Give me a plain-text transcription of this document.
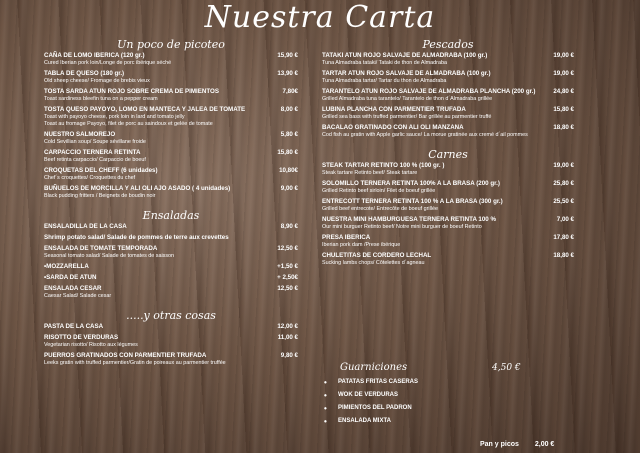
Nuestra Carta
Un poco de picoteo
CAÑA DE LOMO IBERICA (120 gr.)	15,90 €
Cured Iberian pork loin/Longe de porc ibérique séché
TABLA DE QUESO (180 gr.)	13,90 €
Old sheep cheese/ Fromage de brebis vieux
TOSTA SARDA ATUN ROJO SOBRE CREMA DE PIMIENTOS	7,80€
Toast sardiness bleefin tuna on a pepper cream
TOSTA QUESO PAYOYO, LOMO EN MANTECA Y JALEA DE TOMATE	8,00 €
Toast with payoyo cheese, pork loin in lard and tomato jelly
Toast au fromage Payoyo, filet de porc au saindoux et gelée de tomate
NUESTRO SALMOREJO	5,80 €
Cold Sevillian soup/ Soupe sévillane froide
CARPACCIO TERNERA RETINTA	15,80 €
Beef retinta carpaccio/ Carpaccio de boeuf
CROQUETAS DEL CHEFF (6 unidades)	10,80€
Chef´s croquettes/ Croquettes du chef
BUÑUELOS DE MORCILLA Y ALI OLI AJO ASADO ( 4 unidades)	9,00 €
Black pudding fritters / Beignets de boudin noir
Ensaladas
ENSALADILLA DE LA CASA	8,90 €
Shrimp potato salad/ Salade de pommes de terre aux crevettes
ENSALADA DE TOMATE TEMPORADA	12,50 €
Seasonal tomato salad/ Salade de tomates de saisson
•MOZZARELLA	+1,50 €
•SARDA DE ATUN	+ 2,50€
ENSALADA CESAR	12,50 €
Caesar Salad/ Salade cesar
.....y otras cosas
PASTA DE LA CASA	12,00 €
RISOTTO DE VERDURAS	11,00 €
Vegetarian risotto/ Risotto aux légumes
PUERROS GRATINADOS CON PARMENTIER TRUFADA	9,80 €
Leeks gratin with truffed parmentier/Gratin de poireaux au parmentier truffée
Pescados
TATAKI ATUN ROJO SALVAJE DE ALMADRABA (100 gr.)	19,00 €
Tuna Almadraba tataki/ Tataki de thon de Almadraba
TARTAR ATUN ROJO SALVAJE DE ALMADRABA (100 gr.)	19,00 €
Tuna Almadraba tartar/ Tartar du thon de Almadraba
TARANTELO ATUN ROJO SALVAJE DE ALMADRABA PLANCHA (200 gr.)	24,80 €
Grilled Almadraba tuna tarantelo/ Tarantelo de thon d´Almadraba grillée
LUBINA PLANCHA CON PARMENTIER TRUFADA	15,80 €
Grilled sea bass with truffed parmentier/ Bar grillée au parmentier truffé
BACALAO GRATINADO CON ALI OLI MANZANA	18,80 €
Cod fish au gratin with Apple garlic sauce/ La morue gratinée aux cremé d´ail pommes
Carnes
STEAK TARTAR RETINTO 100 % (100 gr. )	19,00 €
Steak tartare Retinto beef/ Steak tartare
SOLOMILLO TERNERA RETINTA 100% A LA BRASA (200 gr.)	25,80 €
Grilled Retinto beef sirloin/ Filet de boeuf grillée
ENTRECOTT TERNERA RETINTA 100 % A LA BRASA (300 gr.)	25,50 €
Grilled beef entrecote/ Entrecôte de boeuf grillée
NUESTRA MINI HAMBURGUESA TERNERA RETINTA 100 %	7,00 €
Our mini burguer Retinto beef/ Notre mini burguer de boeuf Retinto
PRESA IBERICA	17,80 €
Iberian pork dam /Prese ibérique
CHULETITAS DE CORDERO LECHAL	18,80 €
Sucking lambs chops/ Côtelettes d´agneau
Guarniciones	4,50 €
• PATATAS FRITAS CASERAS
• WOK DE VERDURAS
• PIMIENTOS DEL PADRON
• ENSALADA MIXTA
Pan y picos 2,00 €
